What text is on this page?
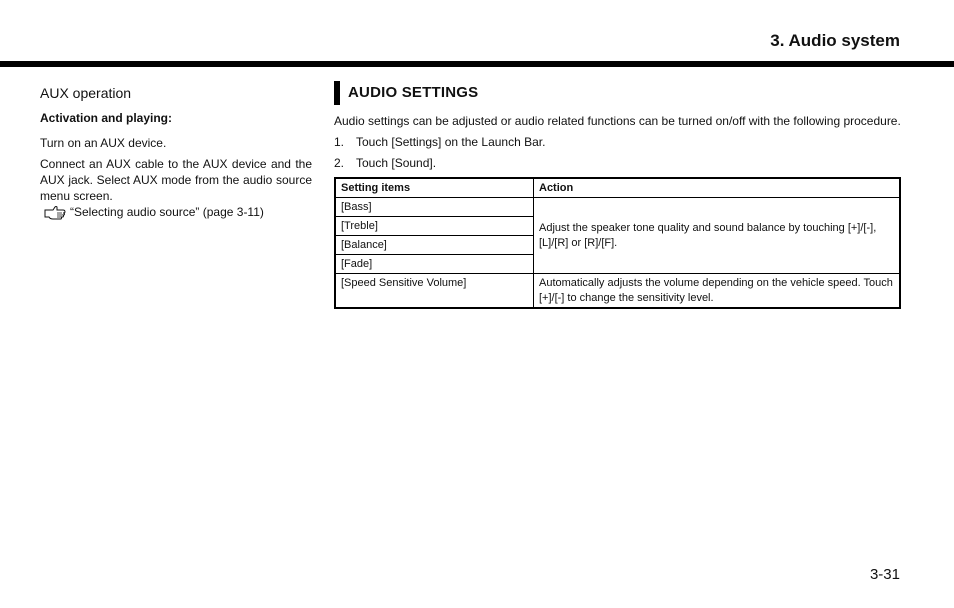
3. Audio system
AUX operation
Activation and playing:

Turn on an AUX device.

Connect an AUX cable to the AUX device and the AUX jack. Select AUX mode from the audio source menu screen.

“Selecting audio source” (page 3-11)
AUDIO SETTINGS

Audio settings can be adjusted or audio related functions can be turned on/off with the following procedure.

1. Touch [Settings] on the Launch Bar.
2. Touch [Sound].
Setting items	Action
[Bass]	Adjust the speaker tone quality and sound balance by touching [+]/[-], [L]/[R] or [R]/[F].
[Treble]	
[Balance]	
[Fade]	
[Speed Sensitive Volume]	Automatically adjusts the volume depending on the vehicle speed. Touch [+]/[-] to change the sensitivity level.
3-31
